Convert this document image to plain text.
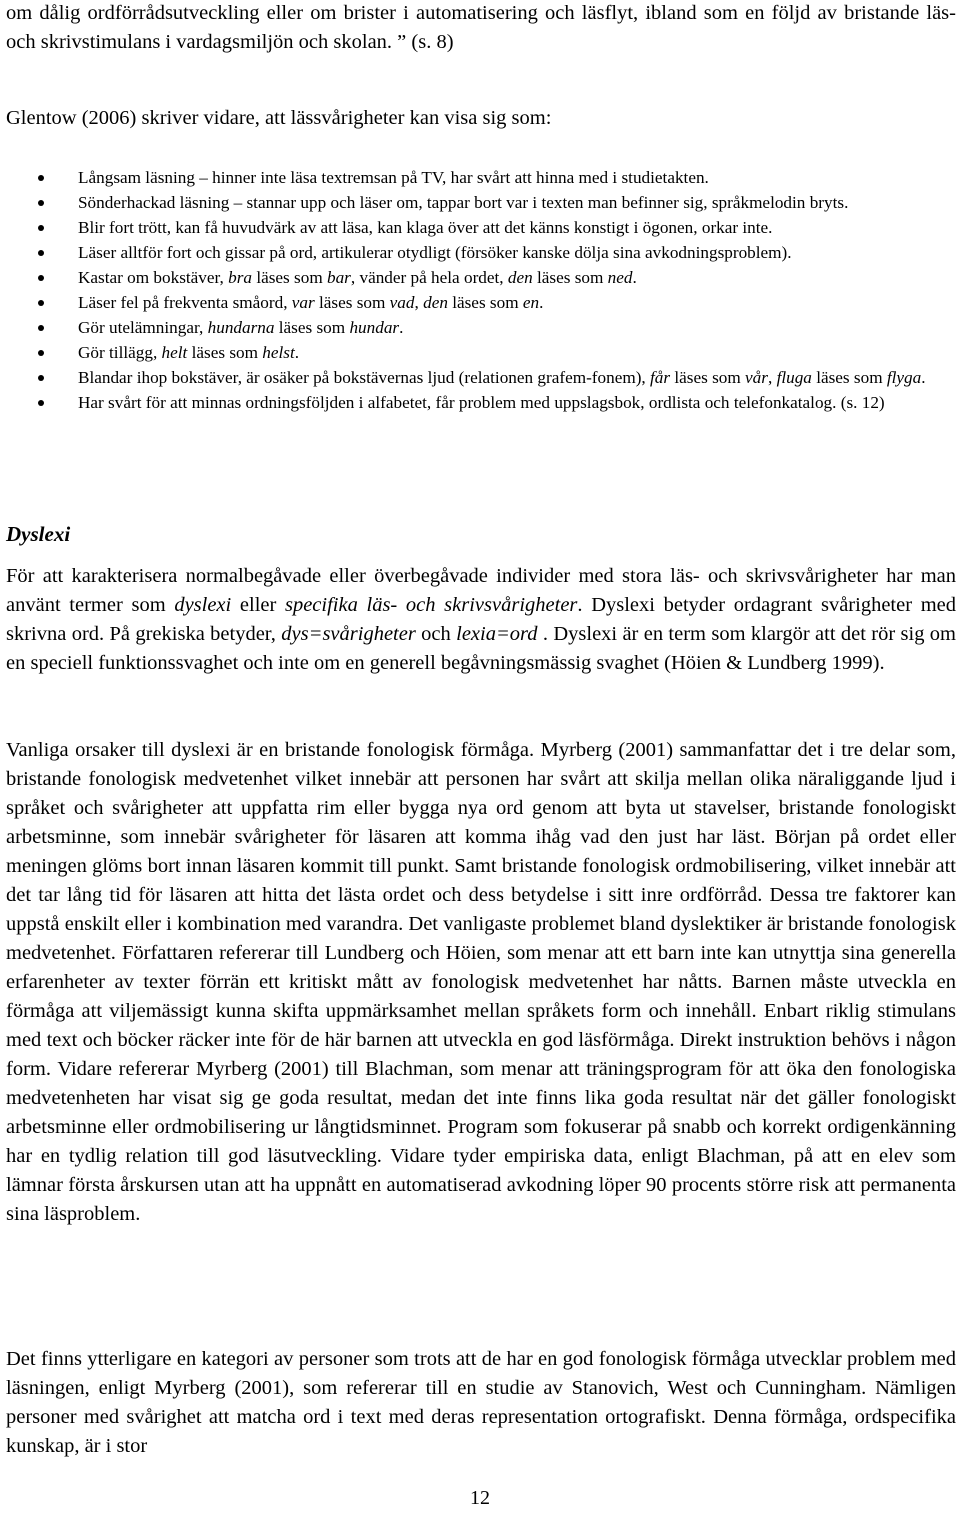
om dålig ordförrådsutveckling eller om brister i automatisering och läsflyt, ibland som en följd av bristande läs- och skrivstimulans i vardagsmiljön och skolan. ” (s. 8)

Glentow (2006) skriver vidare, att lässvårigheter kan visa sig som:

Långsam läsning – hinner inte läsa textremsan på TV, har svårt att hinna med i studietakten.
Sönderhackad läsning – stannar upp och läser om, tappar bort var i texten man befinner sig, språkmelodin bryts.
Blir fort trött, kan få huvudvärk av att läsa, kan klaga över att det känns konstigt i ögonen, orkar inte.
Läser alltför fort och gissar på ord, artikulerar otydligt (försöker kanske dölja sina avkodningsproblem).
Kastar om bokstäver, bra läses som bar, vänder på hela ordet, den läses som ned.
Läser fel på frekventa småord, var läses som vad, den läses som en.
Gör utelämningar, hundarna läses som hundar.
Gör tillägg, helt läses som helst.
Blandar ihop bokstäver, är osäker på bokstävernas ljud (relationen grafem-fonem), får läses som vår, fluga läses som flyga.
Har svårt för att minnas ordningsföljden i alfabetet, får problem med uppslagsbok, ordlista och telefonkatalog. (s. 12)
Dyslexi

För att karakterisera normalbegåvade eller överbegåvade individer med stora läs- och skrivsvårigheter har man använt termer som dyslexi eller specifika läs- och skrivsvårigheter. Dyslexi betyder ordagrant svårigheter med skrivna ord. På grekiska betyder, dys=svårigheter och lexia=ord . Dyslexi är en term som klargör att det rör sig om en speciell funktionssvaghet och inte om en generell begåvningsmässig svaghet (Höien & Lundberg 1999).

Vanliga orsaker till dyslexi är en bristande fonologisk förmåga. Myrberg (2001) sammanfattar det i tre delar som, bristande fonologisk medvetenhet vilket innebär att personen har svårt att skilja mellan olika näraliggande ljud i språket och svårigheter att uppfatta rim eller bygga nya ord genom att byta ut stavelser, bristande fonologiskt arbetsminne, som innebär svårigheter för läsaren att komma ihåg vad den just har läst. Början på ordet eller meningen glöms bort innan läsaren kommit till punkt. Samt bristande fonologisk ordmobilisering, vilket innebär att det tar lång tid för läsaren att hitta det lästa ordet och dess betydelse i sitt inre ordförråd. Dessa tre faktorer kan uppstå enskilt eller i kombination med varandra. Det vanligaste problemet bland dyslektiker är bristande fonologisk medvetenhet. Författaren refererar till Lundberg och Höien, som menar att ett barn inte kan utnyttja sina generella erfarenheter av texter förrän ett kritiskt mått av fonologisk medvetenhet har nåtts. Barnen måste utveckla en förmåga att viljemässigt kunna skifta uppmärksamhet mellan språkets form och innehåll. Enbart riklig stimulans med text och böcker räcker inte för de här barnen att utveckla en god läsförmåga. Direkt instruktion behövs i någon form. Vidare refererar Myrberg (2001) till Blachman, som menar att träningsprogram för att öka den fonologiska medvetenheten har visat sig ge goda resultat, medan det inte finns lika goda resultat när det gäller fonologiskt arbetsminne eller ordmobilisering ur långtidsminnet. Program som fokuserar på snabb och korrekt ordigenkänning har en tydlig relation till god läsutveckling. Vidare tyder empiriska data, enligt Blachman, på att en elev som lämnar första årskursen utan att ha uppnått en automatiserad avkodning löper 90 procents större risk att permanenta sina läsproblem.

Det finns ytterligare en kategori av personer som trots att de har en god fonologisk förmåga utvecklar problem med läsningen, enligt Myrberg (2001), som refererar till en studie av Stanovich, West och Cunningham. Nämligen personer med svårighet att matcha ord i text med deras representation ortografiskt. Denna förmåga, ordspecifika kunskap, är i stor

12
